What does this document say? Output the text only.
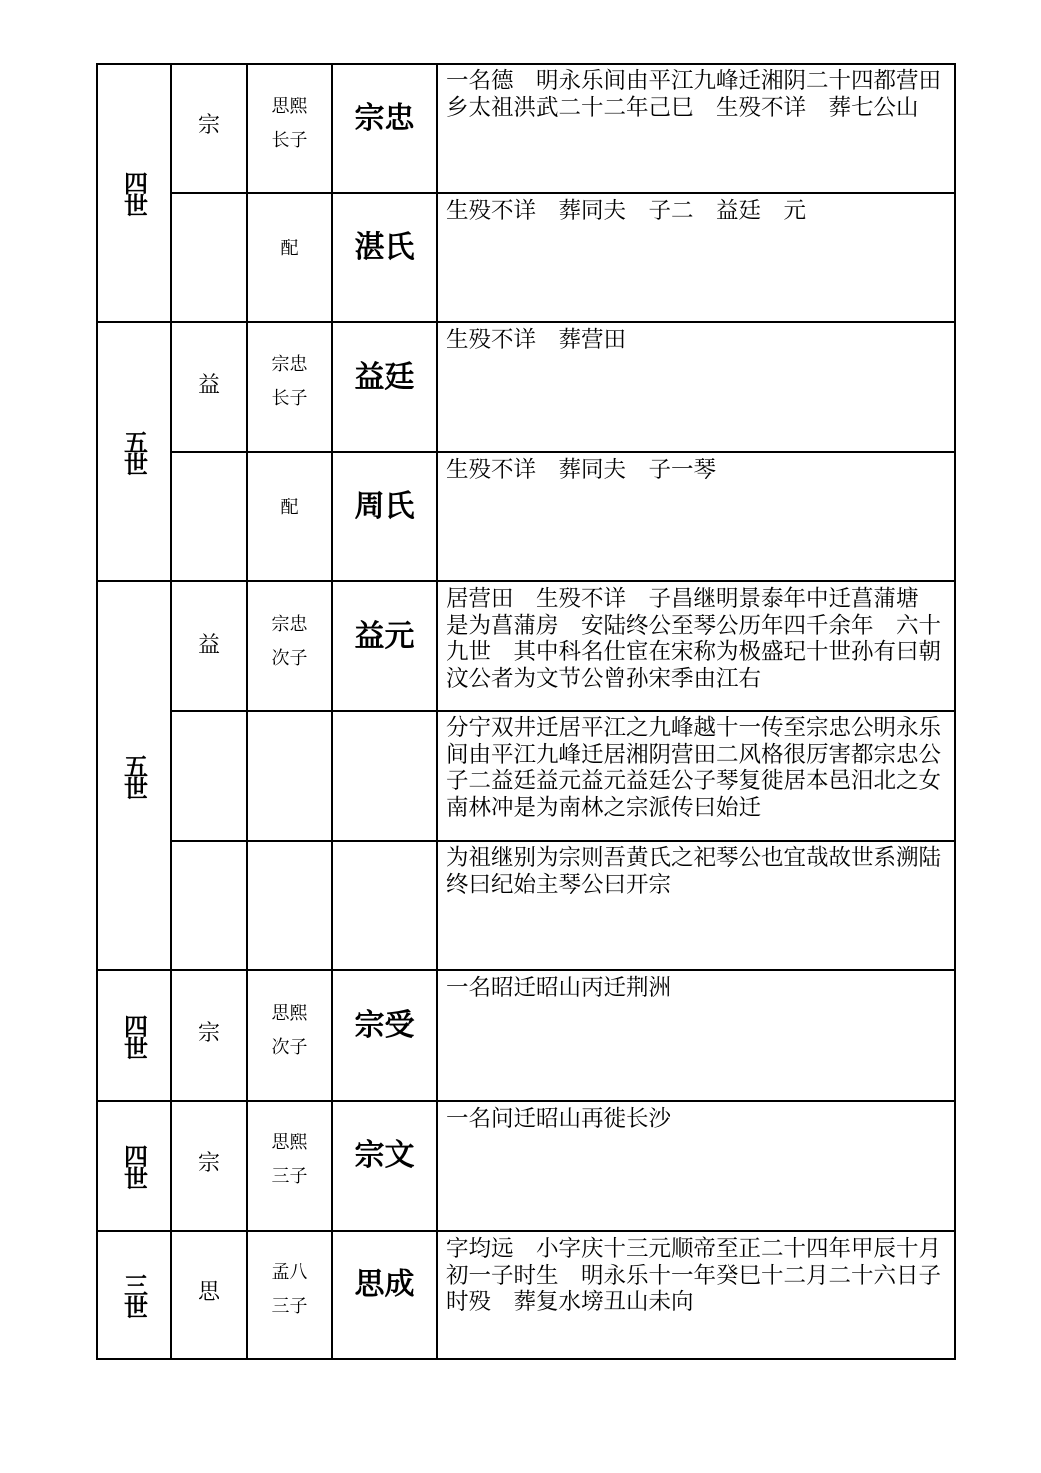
四世
五世
五世
四世
四世
三世
宗
思熙
长子
宗忠
一名德　明永乐间由平江九峰迁湘阴二十四都营田乡太祖洪武二十二年己巳　生殁不详　葬七公山
配	湛氏
生殁不详　葬同夫　子二　益廷　元
益
宗忠
长子
益廷
生殁不详　葬营田
配	周氏
生殁不详　葬同夫　子一琴
益
宗忠
次子
益元
居营田　生殁不详　子昌继明景泰年中迁菖蒲塘　是为菖蒲房　安陆终公至琴公历年四千余年　六十九世　其中科名仕宦在宋称为极盛玘十世孙有曰朝汶公者为文节公曾孙宋季由江右
分宁双井迁居平江之九峰越十一传至宗忠公明永乐间由平江九峰迁居湘阴营田二风格很厉害都宗忠公子二益廷益元益元益廷公子琴复徙居本邑汨北之女南林冲是为南林之宗派传曰始迁
为祖继别为宗则吾黄氏之祀琴公也宜哉故世系溯陆终曰纪始主琴公曰开宗
宗
思熙
次子
宗受
一名昭迁昭山丙迁荆洲
宗
思熙
三子
宗文
一名问迁昭山再徙长沙
思
孟八
三子
思成
字均远　小字庆十三元顺帝至正二十四年甲辰十月初一子时生　明永乐十一年癸巳十二月二十六日子时殁　葬复水塝丑山未向
